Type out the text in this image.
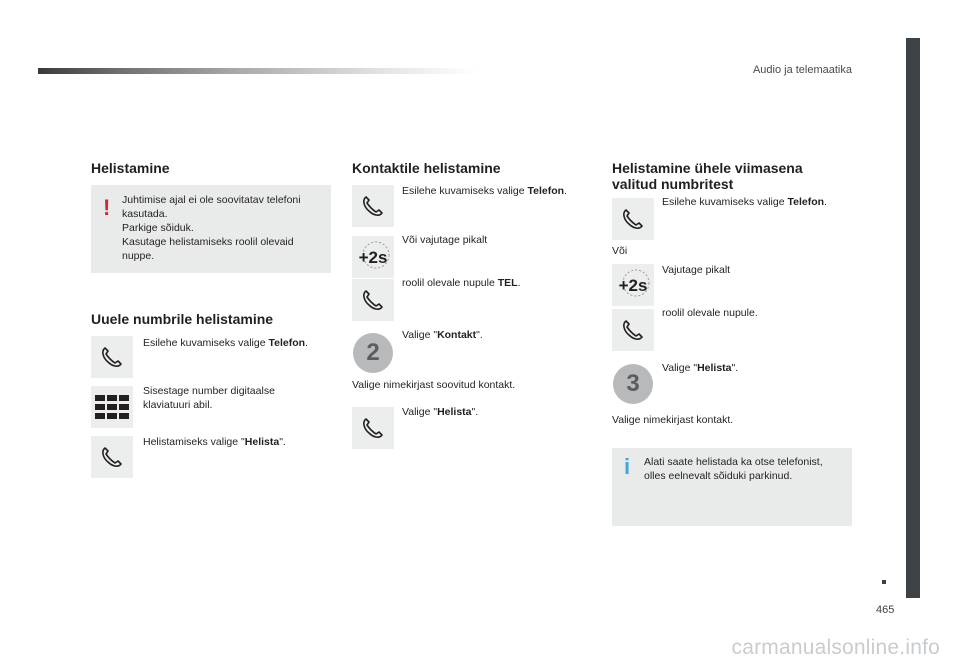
Audio ja telemaatika
465
carmanualsonline.info
Helistamine
! Juhtimise ajal ei ole soovitatav telefoni
kasutada.
Parkige sõiduk.
Kasutage helistamiseks roolil olevaid
nuppe.
Uuele numbrile helistamine
Esilehe kuvamiseks valige Telefon.
Sisestage number digitaalse
klaviatuuri abil.
Helistamiseks valige "Helista".
Kontaktile helistamine
Esilehe kuvamiseks valige Telefon.
+2s
Või vajutage pikalt
roolil olevale nupule TEL.
2
Valige "Kontakt".
Valige nimekirjast soovitud kontakt.
Valige "Helista".
Helistamine ühele viimasena
valitud numbritest
Esilehe kuvamiseks valige Telefon.
Või
+2s
Vajutage pikalt
roolil olevale nupule.
3
Valige "Helista".
Valige nimekirjast kontakt.
i Alati saate helistada ka otse telefonist,
olles eelnevalt sõiduki parkinud.
